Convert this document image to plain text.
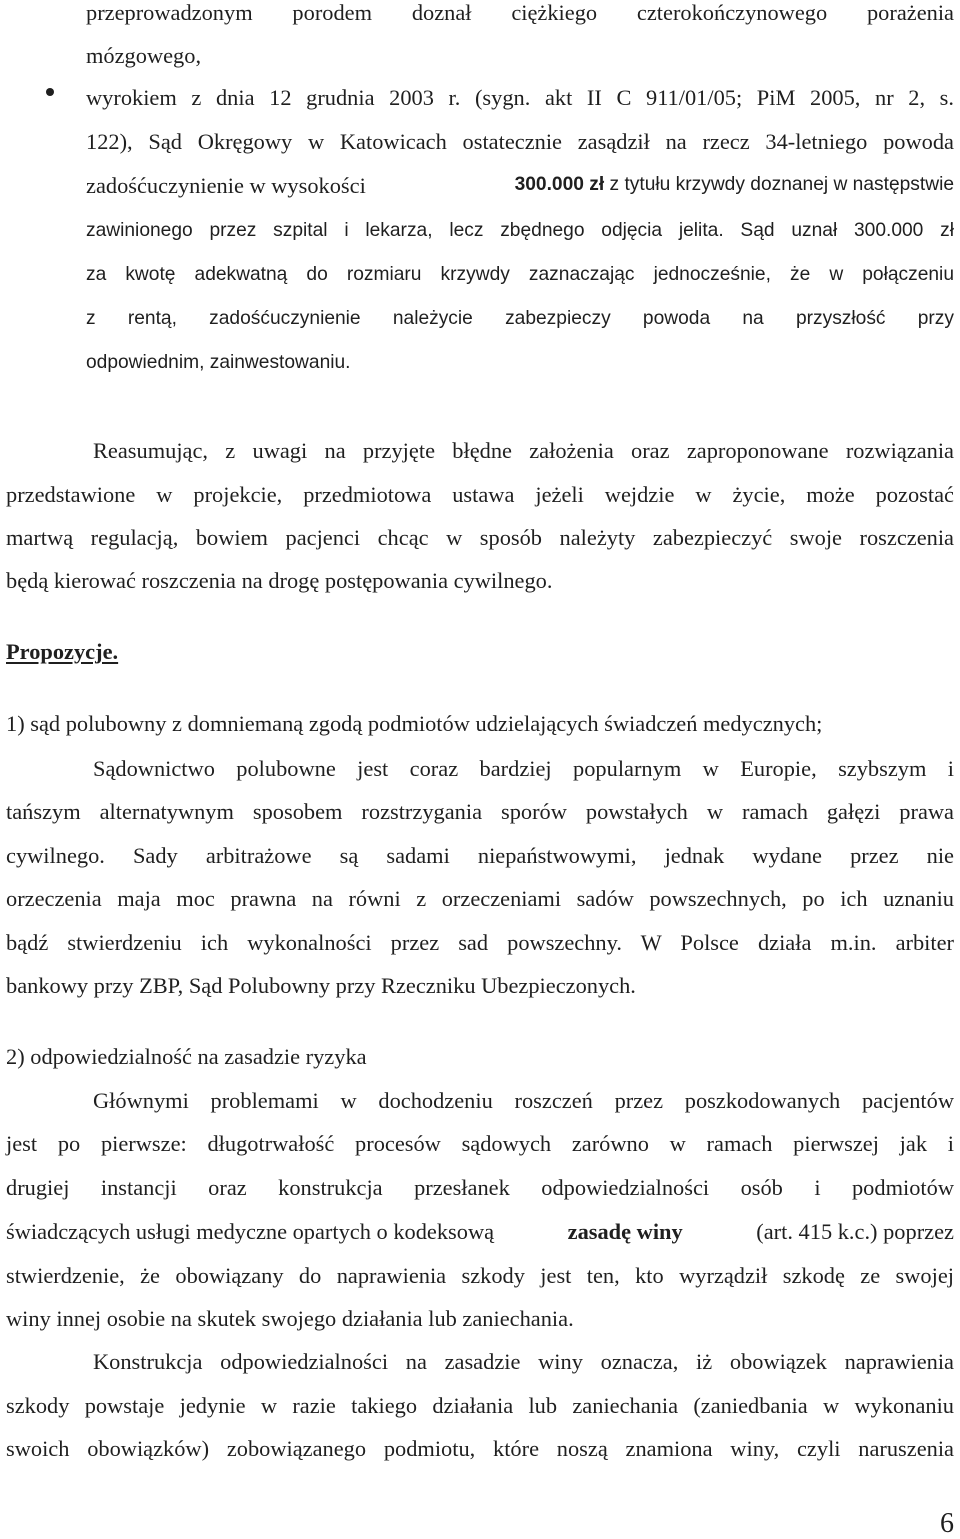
przeprowadzonym porodem doznał ciężkiego czterokończynowego porażenia
mózgowego,
wyrokiem z dnia 12 grudnia 2003 r. (sygn. akt II C 911/01/05; PiM 2005, nr 2, s.
122), Sąd Okręgowy w Katowicach ostatecznie zasądził na rzecz 34-letniego powoda
zadośćuczynienie w wysokości	300.000 zł z tytułu krzywdy doznanej w następstwie
zawinionego przez szpital i lekarza, lecz zbędnego odjęcia jelita. Sąd uznał 300.000 zł
za kwotę adekwatną do rozmiaru krzywdy zaznaczając jednocześnie, że w połączeniu
z rentą, zadośćuczynienie należycie zabezpieczy powoda na przyszłość przy
odpowiednim, zainwestowaniu.
Reasumując, z uwagi na przyjęte błędne założenia oraz zaproponowane rozwiązania
przedstawione w projekcie, przedmiotowa ustawa jeżeli wejdzie w życie, może pozostać
martwą regulacją, bowiem pacjenci chcąc w sposób należyty zabezpieczyć swoje roszczenia
będą kierować roszczenia na drogę postępowania cywilnego.
Propozycje.
1) sąd polubowny z domniemaną zgodą podmiotów udzielających świadczeń medycznych;
Sądownictwo polubowne jest coraz bardziej popularnym w Europie, szybszym i
tańszym alternatywnym sposobem rozstrzygania sporów powstałych w ramach gałęzi prawa
cywilnego. Sady arbitrażowe są sadami niepaństwowymi, jednak wydane przez nie
orzeczenia maja moc prawna na równi z orzeczeniami sadów powszechnych, po ich uznaniu
bądź stwierdzeniu ich wykonalności przez sad powszechny. W Polsce działa m.in. arbiter
bankowy przy ZBP, Sąd Polubowny przy Rzeczniku Ubezpieczonych.
2) odpowiedzialność na zasadzie ryzyka
Głównymi problemami w dochodzeniu roszczeń przez poszkodowanych pacjentów
jest po pierwsze: długotrwałość procesów sądowych zarówno w ramach pierwszej jak i
drugiej instancji oraz konstrukcja przesłanek odpowiedzialności osób i podmiotów
świadczących usługi medyczne opartych o kodeksową	zasadę winy	(art. 415 k.c.) poprzez
stwierdzenie, że obowiązany do naprawienia szkody jest ten, kto wyrządził szkodę ze swojej
winy innej osobie na skutek swojego działania lub zaniechania.
Konstrukcja odpowiedzialności na zasadzie winy oznacza, iż obowiązek naprawienia
szkody powstaje jedynie w razie takiego działania lub zaniechania (zaniedbania w wykonaniu
swoich obowiązków) zobowiązanego podmiotu, które noszą znamiona winy, czyli naruszenia
6
